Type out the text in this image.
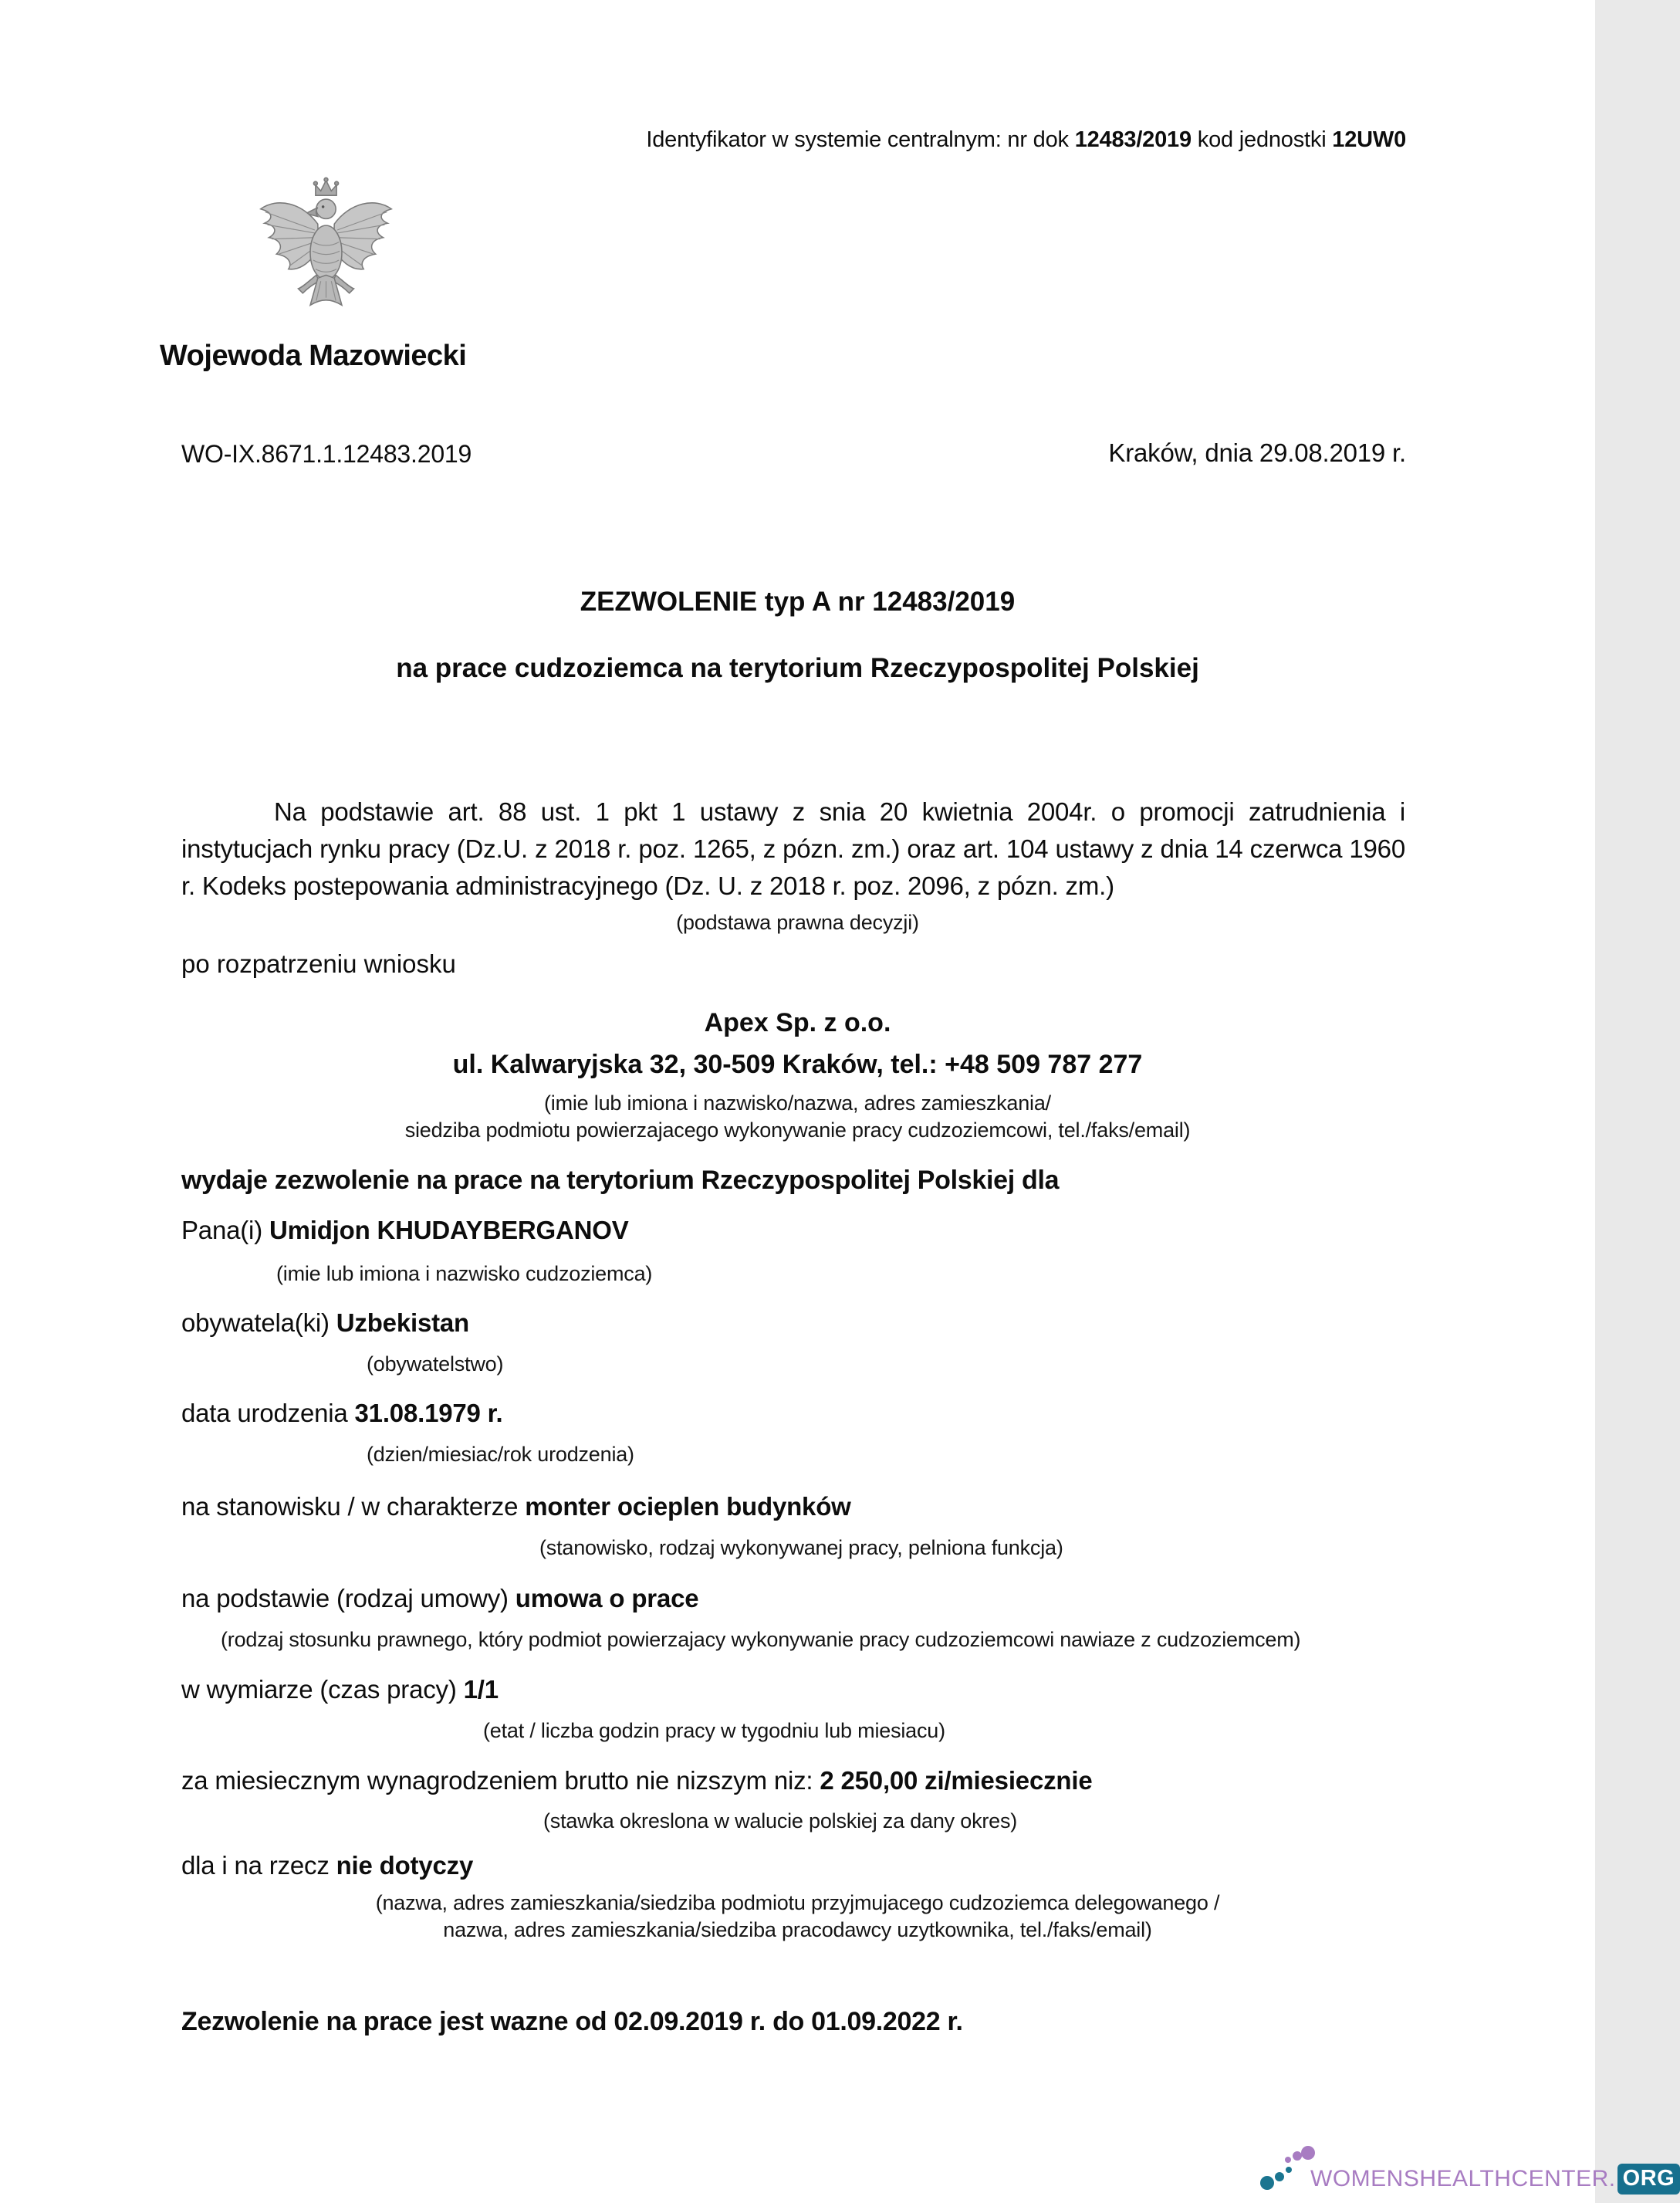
Identyfikator w systemie centralnym: nr dok 12483/2019 kod jednostki 12UW0
Wojewoda Mazowiecki
WO-IX.8671.1.12483.2019	Kraków, dnia 29.08.2019 r.
ZEZWOLENIE typ A nr 12483/2019
na prace cudzoziemca na terytorium Rzeczypospolitej Polskiej
Na podstawie art. 88 ust. 1 pkt 1 ustawy z snia 20 kwietnia 2004r. o promocji zatrudnienia i instytucjach rynku pracy (Dz.U. z 2018 r. poz. 1265, z pózn. zm.) oraz art. 104 ustawy z dnia 14 czerwca 1960 r. Kodeks postepowania administracyjnego (Dz. U. z 2018 r. poz. 2096, z pózn. zm.)
(podstawa prawna decyzji)
po rozpatrzeniu wniosku
Apex Sp. z o.o.
ul. Kalwaryjska 32, 30-509 Kraków, tel.: +48 509 787 277
(imie lub imiona i nazwisko/nazwa, adres zamieszkania/
siedziba podmiotu powierzajacego wykonywanie pracy cudzoziemcowi, tel./faks/email)
wydaje zezwolenie na prace na terytorium Rzeczypospolitej Polskiej dla
Pana(i) Umidjon KHUDAYBERGANOV
(imie lub imiona i nazwisko cudzoziemca)
obywatela(ki) Uzbekistan
(obywatelstwo)
data urodzenia 31.08.1979 r.
(dzien/miesiac/rok urodzenia)
na stanowisku / w charakterze monter ocieplen budynków
(stanowisko, rodzaj wykonywanej pracy, pelniona funkcja)
na podstawie (rodzaj umowy) umowa o prace
(rodzaj stosunku prawnego, który podmiot powierzajacy wykonywanie pracy cudzoziemcowi nawiaze z cudzoziemcem)
w wymiarze (czas pracy) 1/1
(etat / liczba godzin pracy w tygodniu lub miesiacu)
za miesiecznym wynagrodzeniem brutto nie nizszym niz: 2 250,00 zi/miesiecznie
(stawka okreslona w walucie polskiej za dany okres)
dla i na rzecz nie dotyczy
(nazwa, adres zamieszkania/siedziba podmiotu przyjmujacego cudzoziemca delegowanego /
nazwa, adres zamieszkania/siedziba pracodawcy uzytkownika, tel./faks/email)
Zezwolenie na prace jest wazne od 02.09.2019 r. do 01.09.2022 r.
WOMENSHEALTHCENTER. ORG
